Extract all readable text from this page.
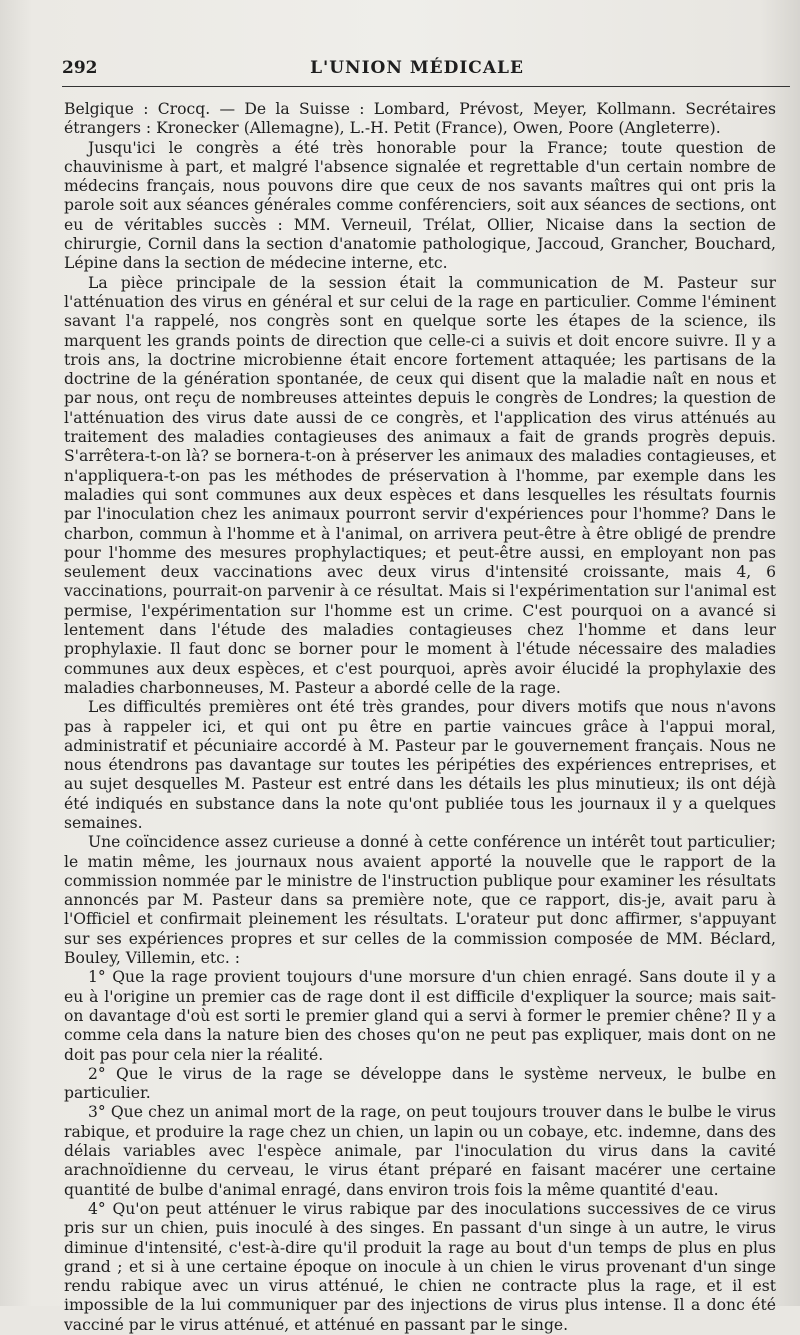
292	L'UNION MÉDICALE

Belgique : Crocq. — De la Suisse : Lombard, Prévost, Meyer, Kollmann. Secrétaires étrangers : Kronecker (Allemagne), L.-H. Petit (France), Owen, Poore (Angleterre).

Jusqu'ici le congrès a été très honorable pour la France; toute question de chauvinisme à part, et malgré l'absence signalée et regrettable d'un certain nombre de médecins français, nous pouvons dire que ceux de nos savants maîtres qui ont pris la parole soit aux séances générales comme conférenciers, soit aux séances de sections, ont eu de véritables succès : MM. Verneuil, Trélat, Ollier, Nicaise dans la section de chirurgie, Cornil dans la section d'anatomie pathologique, Jaccoud, Grancher, Bouchard, Lépine dans la section de médecine interne, etc.

La pièce principale de la session était la communication de M. Pasteur sur l'atténuation des virus en général et sur celui de la rage en particulier. Comme l'éminent savant l'a rappelé, nos congrès sont en quelque sorte les étapes de la science, ils marquent les grands points de direction que celle-ci a suivis et doit encore suivre. Il y a trois ans, la doctrine microbienne était encore fortement attaquée; les partisans de la doctrine de la génération spontanée, de ceux qui disent que la maladie naît en nous et par nous, ont reçu de nombreuses atteintes depuis le congrès de Londres; la question de l'atténuation des virus date aussi de ce congrès, et l'application des virus atténués au traitement des maladies contagieuses des animaux a fait de grands progrès depuis. S'arrêtera-t-on là? se bornera-t-on à préserver les animaux des maladies contagieuses, et n'appliquera-t-on pas les méthodes de préservation à l'homme, par exemple dans les maladies qui sont communes aux deux espèces et dans lesquelles les résultats fournis par l'inoculation chez les animaux pourront servir d'expériences pour l'homme? Dans le charbon, commun à l'homme et à l'animal, on arrivera peut-être à être obligé de prendre pour l'homme des mesures prophylactiques; et peut-être aussi, en employant non pas seulement deux vaccinations avec deux virus d'intensité croissante, mais 4, 6 vaccinations, pourrait-on parvenir à ce résultat. Mais si l'expérimentation sur l'animal est permise, l'expérimentation sur l'homme est un crime. C'est pourquoi on a avancé si lentement dans l'étude des maladies contagieuses chez l'homme et dans leur prophylaxie. Il faut donc se borner pour le moment à l'étude nécessaire des maladies communes aux deux espèces, et c'est pourquoi, après avoir élucidé la prophylaxie des maladies charbonneuses, M. Pasteur a abordé celle de la rage.

Les difficultés premières ont été très grandes, pour divers motifs que nous n'avons pas à rappeler ici, et qui ont pu être en partie vaincues grâce à l'appui moral, administratif et pécuniaire accordé à M. Pasteur par le gouvernement français. Nous ne nous étendrons pas davantage sur toutes les péripéties des expériences entreprises, et au sujet desquelles M. Pasteur est entré dans les détails les plus minutieux; ils ont déjà été indiqués en substance dans la note qu'ont publiée tous les journaux il y a quelques semaines.

Une coïncidence assez curieuse a donné à cette conférence un intérêt tout particulier; le matin même, les journaux nous avaient apporté la nouvelle que le rapport de la commission nommée par le ministre de l'instruction publique pour examiner les résultats annoncés par M. Pasteur dans sa première note, que ce rapport, dis-je, avait paru à l'Officiel et confirmait pleinement les résultats. L'orateur put donc affirmer, s'appuyant sur ses expériences propres et sur celles de la commission composée de MM. Béclard, Bouley, Villemin, etc. :

1° Que la rage provient toujours d'une morsure d'un chien enragé. Sans doute il y a eu à l'origine un premier cas de rage dont il est difficile d'expliquer la source; mais sait-on davantage d'où est sorti le premier gland qui a servi à former le premier chêne? Il y a comme cela dans la nature bien des choses qu'on ne peut pas expliquer, mais dont on ne doit pas pour cela nier la réalité.

2° Que le virus de la rage se développe dans le système nerveux, le bulbe en particulier.

3° Que chez un animal mort de la rage, on peut toujours trouver dans le bulbe le virus rabique, et produire la rage chez un chien, un lapin ou un cobaye, etc. indemne, dans des délais variables avec l'espèce animale, par l'inoculation du virus dans la cavité arachnoïdienne du cerveau, le virus étant préparé en faisant macérer une certaine quantité de bulbe d'animal enragé, dans environ trois fois la même quantité d'eau.

4° Qu'on peut atténuer le virus rabique par des inoculations successives de ce virus pris sur un chien, puis inoculé à des singes. En passant d'un singe à un autre, le virus diminue d'intensité, c'est-à-dire qu'il produit la rage au bout d'un temps de plus en plus grand ; et si à une certaine époque on inocule à un chien le virus provenant d'un singe rendu rabique avec un virus atténué, le chien ne contracte plus la rage, et il est impossible de la lui communiquer par des injections de virus plus intense. Il a donc été vacciné par le virus atténué, et atténué en passant par le singe.
